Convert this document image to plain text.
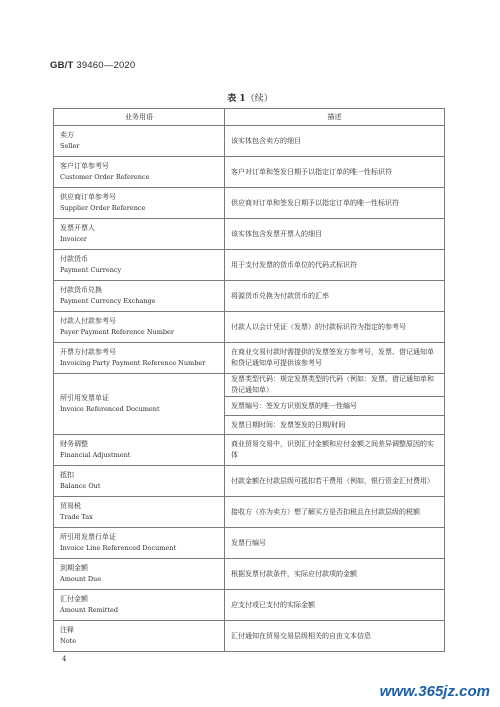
GB/T 39460—2020
表 1（续）
业务用语	描述

卖方
Seller	该实体包含卖方的细目

客户订单参考号
Customer Order Reference	客户对订单和签发日期予以指定订单的唯一性标识符

供应商订单参考号
Supplier Order Reference	供应商对订单和签发日期予以指定订单的唯一性标识符

发票开票人
Invoicer	该实体包含发票开票人的细目

付款货币
Payment Currency	用于支付发票的货币单位的代码式标识符

付款货币兑换
Payment Currency Exchange	将源货币兑换为付款货币的汇率

付款人付款参考号
Payer Payment Reference Number	付款人以会计凭证（发票）的付款标识符为指定的参考号

开票方付款参考号
Invoicing Party Payment Reference Number	在商业交易付款时需提供的发票签发方参考号，发票、借记通知单和贷记通知单可提供该参考号

所引用发票单证
Invoice Referenced Document	发票类型代码：规定发票类型的代码（例如：发票、借记通知单和贷记通知单）

	发票编号：签发方识别发票的唯一性编号

	发票日期时间：发票签发的日期/时间

财务调整
Financial Adjustment	商业贸易交易中，识别汇付金额和应付金额之间差异调整原因的实体

抵扣
Balance Out	付款金额在付款层级可抵扣若干费用（例如，银行资金汇付费用）

贸易税
Trade Tax	接收方（亦为卖方）想了解买方是否扣税且在付款层级的税额

所引用发票行单证
Invoice Line Referenced Document	发票行编号

到期金额
Amount Due	根据发票付款条件，实际应付款项的金额

汇付金额
Amount Remitted	应支付或已支付的实际金额

注释
Note	汇付通知在贸易交易层级相关的自由文本信息
4
www.365jz.com
